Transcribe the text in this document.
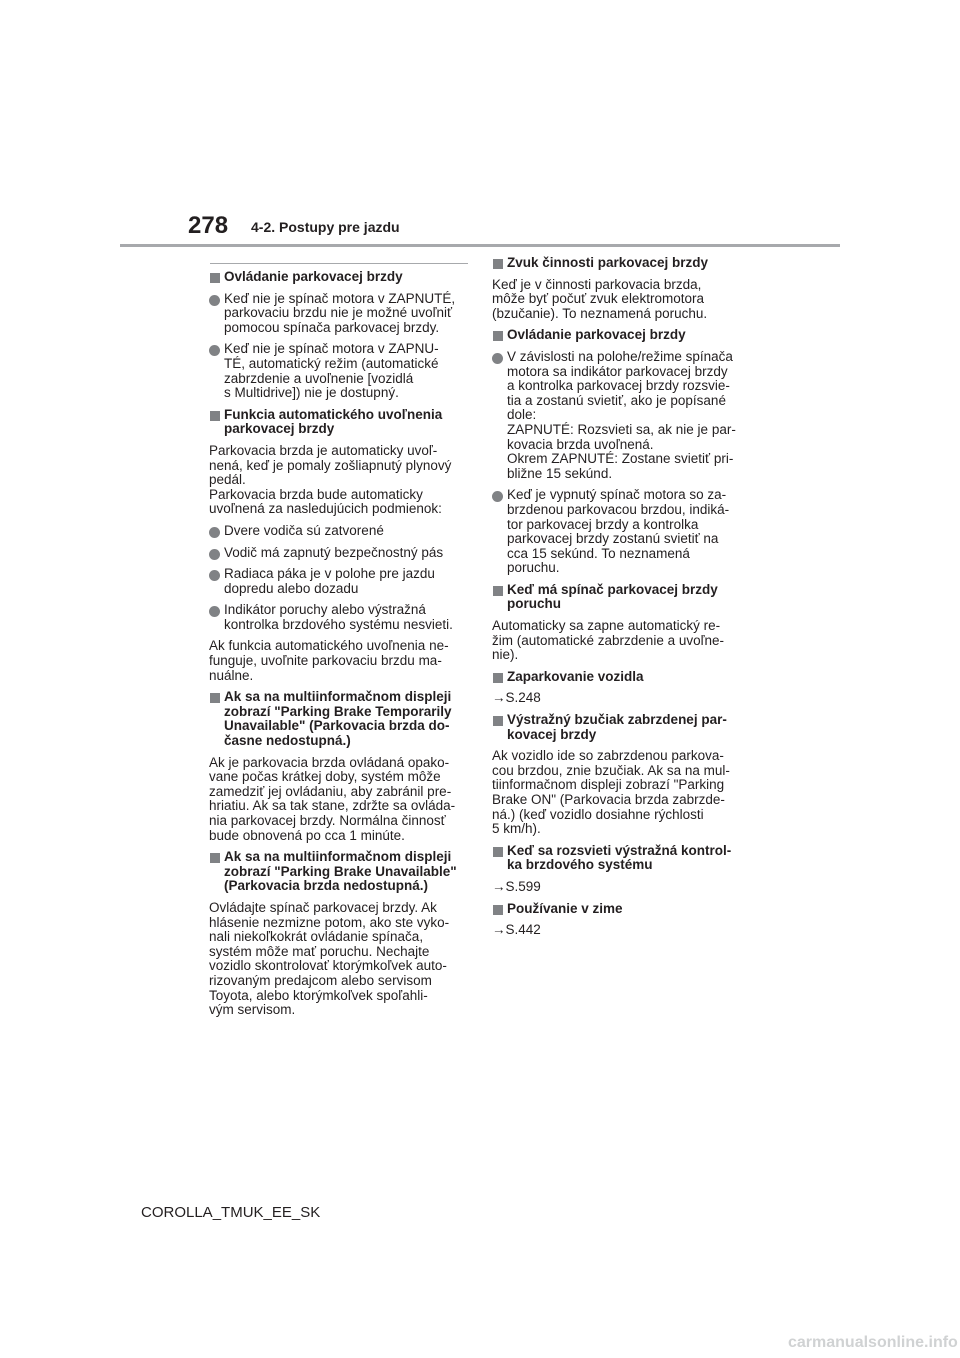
278 4-2. Postupy pre jazdu
Ovládanie parkovacej brzdy
Keď nie je spínač motora v ZAPNUTÉ,
parkovaciu brzdu nie je možné uvoľniť
pomocou spínača parkovacej brzdy.
Keď nie je spínač motora v ZAPNU-
TÉ, automatický režim (automatické
zabrzdenie a uvoľnenie [vozidlá
s Multidrive]) nie je dostupný.
Funkcia automatického uvoľnenia
parkovacej brzdy
Parkovacia brzda je automaticky uvoľ-
nená, keď je pomaly zošliapnutý plynový
pedál.
Parkovacia brzda bude automaticky
uvoľnená za nasledujúcich podmienok:
Dvere vodiča sú zatvorené
Vodič má zapnutý bezpečnostný pás
Radiaca páka je v polohe pre jazdu
dopredu alebo dozadu
Indikátor poruchy alebo výstražná
kontrolka brzdového systému nesvieti.
Ak funkcia automatického uvoľnenia ne-
funguje, uvoľnite parkovaciu brzdu ma-
nuálne.
Ak sa na multiinformačnom displeji
zobrazí "Parking Brake Temporarily
Unavailable" (Parkovacia brzda do-
časne nedostupná.)
Ak je parkovacia brzda ovládaná opako-
vane počas krátkej doby, systém môže
zamedziť jej ovládaniu, aby zabránil pre-
hriatiu. Ak sa tak stane, zdržte sa ovláda-
nia parkovacej brzdy. Normálna činnosť
bude obnovená po cca 1 minúte.
Ak sa na multiinformačnom displeji
zobrazí "Parking Brake Unavailable"
(Parkovacia brzda nedostupná.)
Ovládajte spínač parkovacej brzdy. Ak
hlásenie nezmizne potom, ako ste vyko-
nali niekoľkokrát ovládanie spínača,
systém môže mať poruchu. Nechajte
vozidlo skontrolovať ktorýmkoľvek auto-
rizovaným predajcom alebo servisom
Toyota, alebo ktorýmkoľvek spoľahli-
vým servisom.
Zvuk činnosti parkovacej brzdy
Keď je v činnosti parkovacia brzda,
môže byť počuť zvuk elektromotora
(bzučanie). To neznamená poruchu.
Ovládanie parkovacej brzdy
V závislosti na polohe/režime spínača
motora sa indikátor parkovacej brzdy
a kontrolka parkovacej brzdy rozsvie-
tia a zostanú svietiť, ako je popísané
dole:
ZAPNUTÉ: Rozsvieti sa, ak nie je par-
kovacia brzda uvoľnená.
Okrem ZAPNUTÉ: Zostane svietiť pri-
bližne 15 sekúnd.
Keď je vypnutý spínač motora so za-
brzdenou parkovacou brzdou, indiká-
tor parkovacej brzdy a kontrolka
parkovacej brzdy zostanú svietiť na
cca 15 sekúnd. To neznamená
poruchu.
Keď má spínač parkovacej brzdy
poruchu
Automaticky sa zapne automatický re-
žim (automatické zabrzdenie a uvoľne-
nie).
Zaparkovanie vozidla
→S.248
Výstražný bzučiak zabrzdenej par-
kovacej brzdy
Ak vozidlo ide so zabrzdenou parkova-
cou brzdou, znie bzučiak. Ak sa na mul-
tiinformačnom displeji zobrazí "Parking
Brake ON" (Parkovacia brzda zabrzde-
ná.) (keď vozidlo dosiahne rýchlosti
5 km/h).
Keď sa rozsvieti výstražná kontrol-
ka brzdového systému
→S.599
Používanie v zime
→S.442
COROLLA_TMUK_EE_SK
carmanualsonline.info
